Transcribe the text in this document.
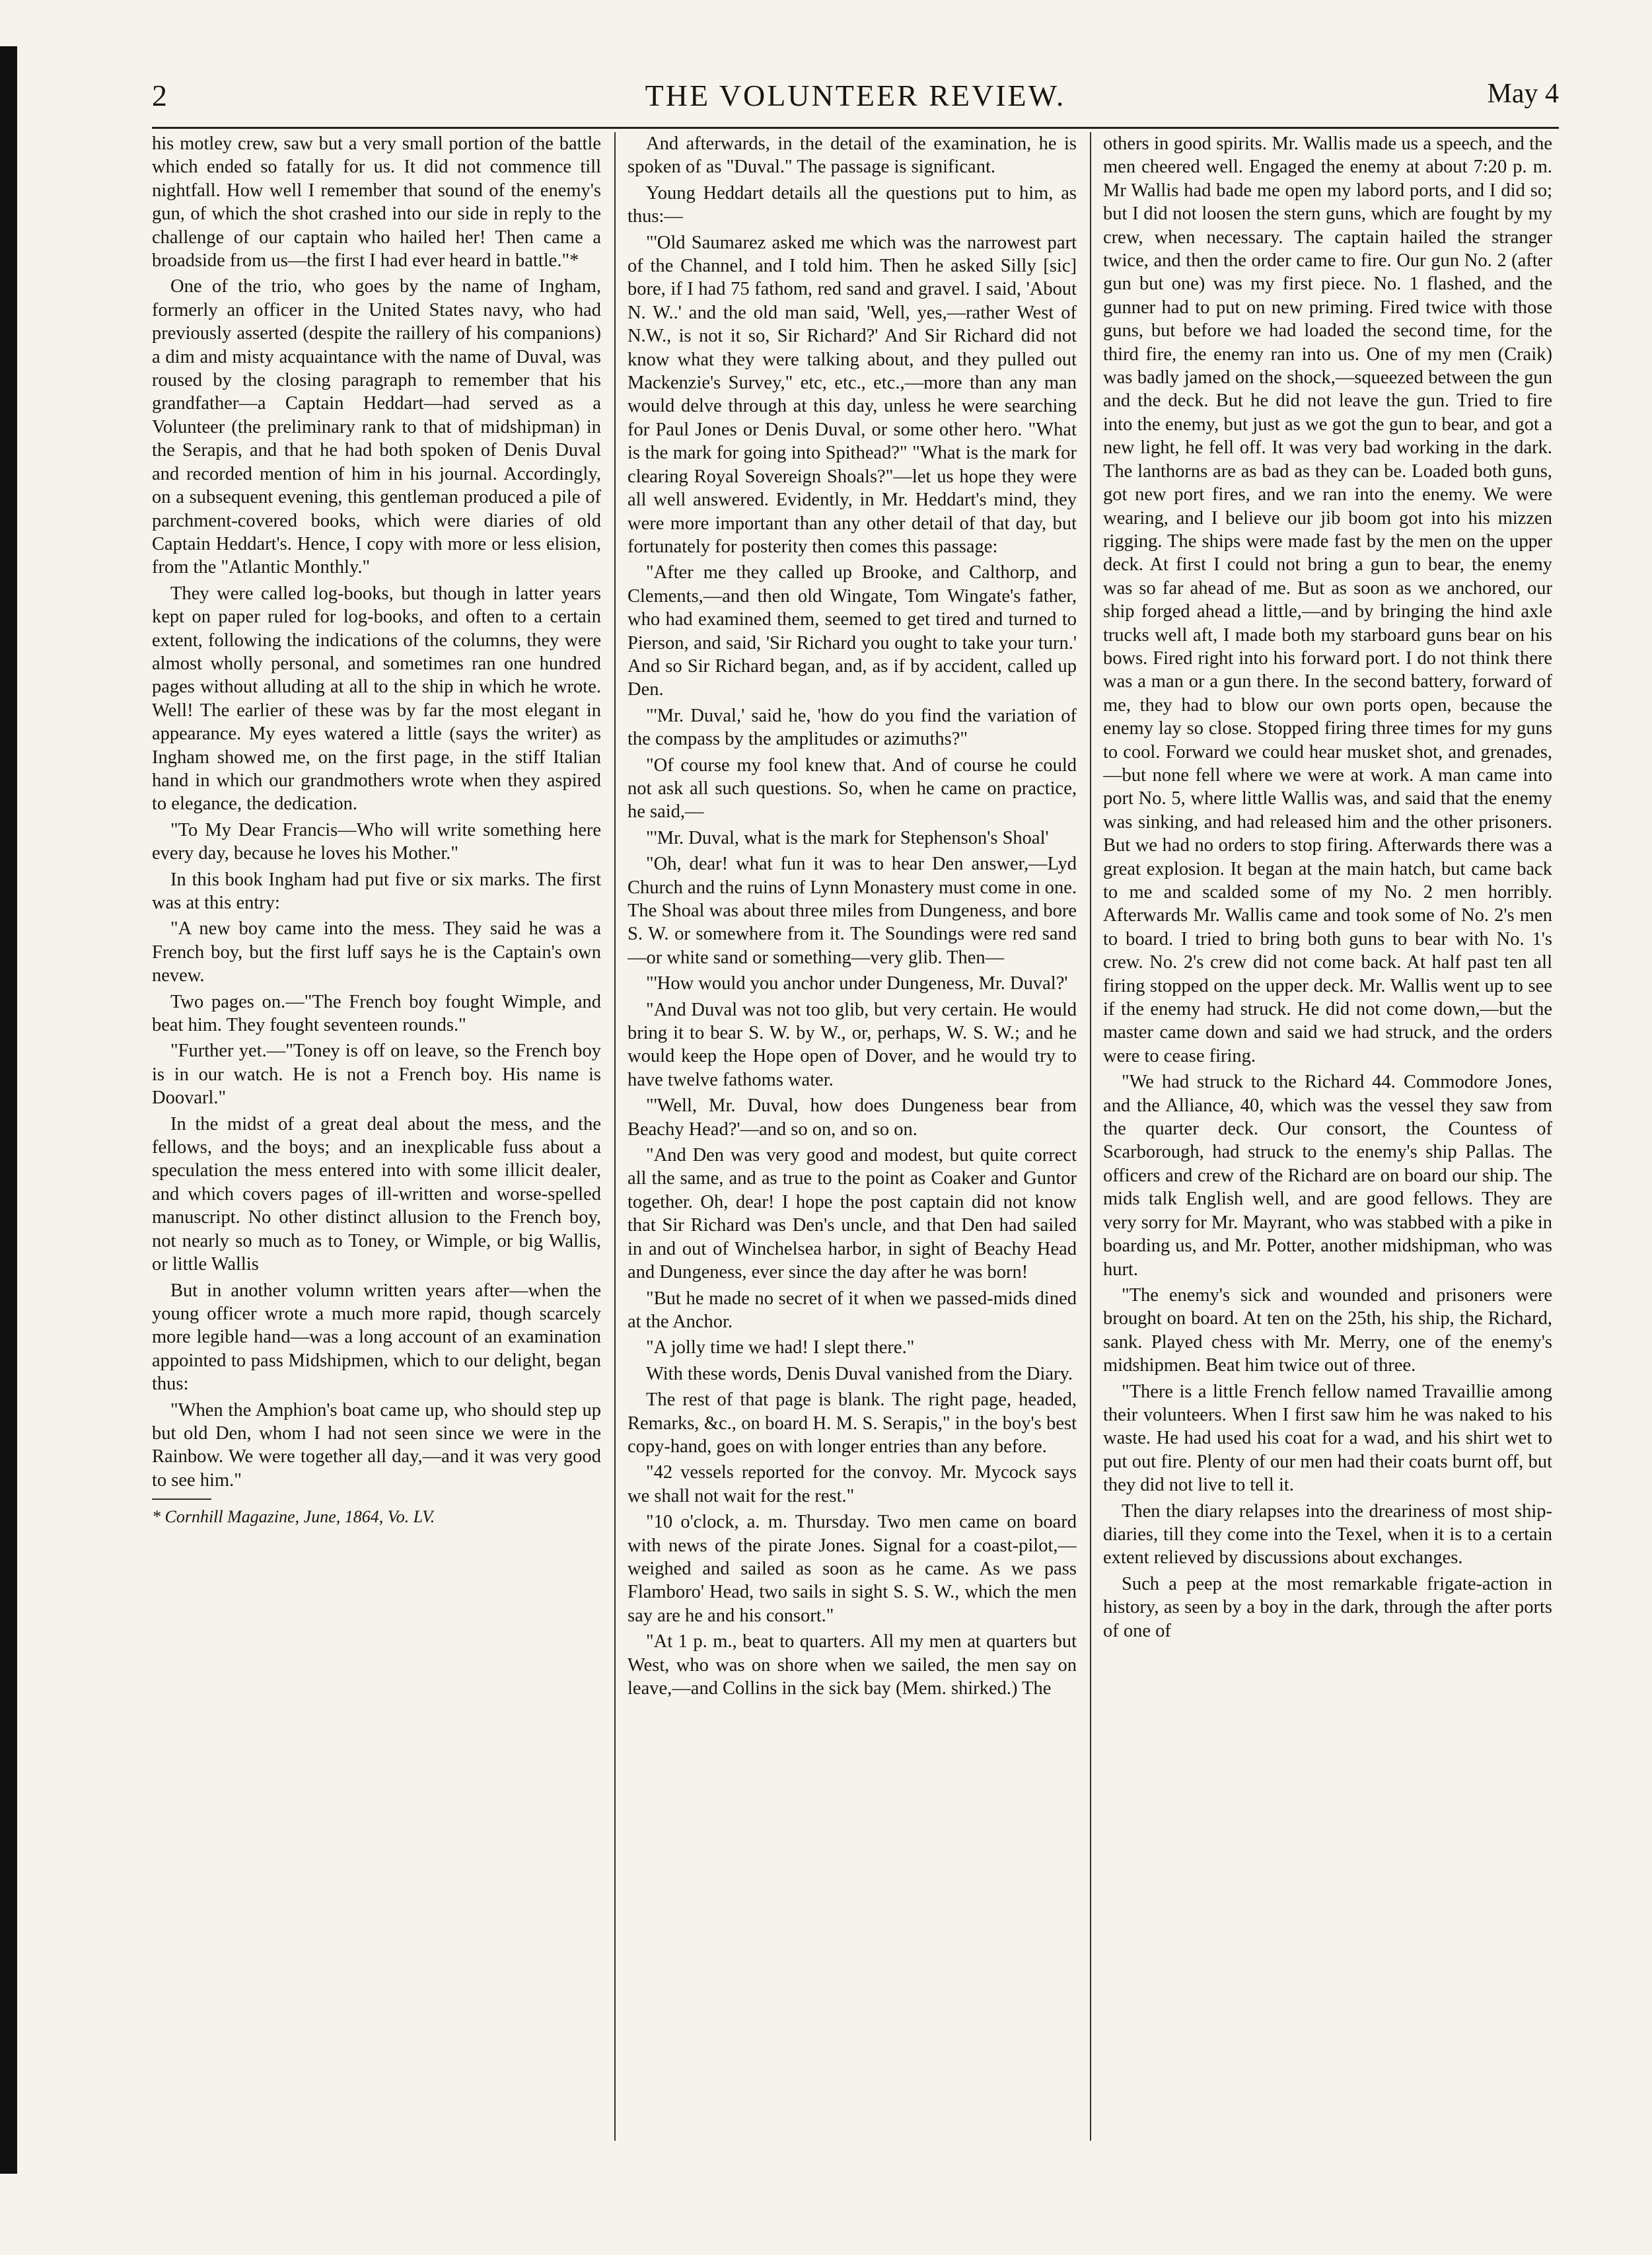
2	THE VOLUNTEER REVIEW.	May 4

his motley crew, saw but a very small portion of the battle which ended so fatally for us. It did not commence till nightfall. How well I remember that sound of the enemy's gun, of which the shot crashed into our side in reply to the challenge of our captain who hailed her! Then came a broadside from us—the first I had ever heard in battle."*

One of the trio, who goes by the name of Ingham, formerly an officer in the United States navy, who had previously asserted (despite the raillery of his companions) a dim and misty acquaintance with the name of Duval, was roused by the closing paragraph to remember that his grandfather—a Captain Heddart—had served as a Volunteer (the preliminary rank to that of midshipman) in the Serapis, and that he had both spoken of Denis Duval and recorded mention of him in his journal. Accordingly, on a subsequent evening, this gentleman produced a pile of parchment-covered books, which were diaries of old Captain Heddart's. Hence, I copy with more or less elision, from the "Atlantic Monthly."

They were called log-books, but though in latter years kept on paper ruled for log-books, and often to a certain extent, following the indications of the columns, they were almost wholly personal, and sometimes ran one hundred pages without alluding at all to the ship in which he wrote. Well! The earlier of these was by far the most elegant in appearance. My eyes watered a little (says the writer) as Ingham showed me, on the first page, in the stiff Italian hand in which our grandmothers wrote when they aspired to elegance, the dedication.

"To My Dear Francis—Who will write something here every day, because he loves his Mother."

In this book Ingham had put five or six marks. The first was at this entry:

"A new boy came into the mess. They said he was a French boy, but the first luff says he is the Captain's own nevew.

Two pages on.—"The French boy fought Wimple, and beat him. They fought seventeen rounds."

"Further yet.—"Toney is off on leave, so the French boy is in our watch. He is not a French boy. His name is Doovarl."

In the midst of a great deal about the mess, and the fellows, and the boys; and an inexplicable fuss about a speculation the mess entered into with some illicit dealer, and which covers pages of ill-written and worse-spelled manuscript. No other distinct allusion to the French boy, not nearly so much as to Toney, or Wimple, or big Wallis, or little Wallis

But in another volumn written years after—when the young officer wrote a much more rapid, though scarcely more legible hand—was a long account of an examination appointed to pass Midshipmen, which to our delight, began thus:

"When the Amphion's boat came up, who should step up but old Den, whom I had not seen since we were in the Rainbow. We were together all day,—and it was very good to see him."

* Cornhill Magazine, June, 1864, Vo. LV.

And afterwards, in the detail of the examination, he is spoken of as "Duval." The passage is significant.

Young Heddart details all the questions put to him, as thus:—

"'Old Saumarez asked me which was the narrowest part of the Channel, and I told him. Then he asked Silly [sic] bore, if I had 75 fathom, red sand and gravel. I said, 'About N. W..' and the old man said, 'Well, yes,—rather West of N.W., is not it so, Sir Richard?' And Sir Richard did not know what they were talking about, and they pulled out Mackenzie's Survey," etc, etc., etc.,—more than any man would delve through at this day, unless he were searching for Paul Jones or Denis Duval, or some other hero. "What is the mark for going into Spithead?" "What is the mark for clearing Royal Sovereign Shoals?"—let us hope they were all well answered. Evidently, in Mr. Heddart's mind, they were more important than any other detail of that day, but fortunately for posterity then comes this passage:

"After me they called up Brooke, and Calthorp, and Clements,—and then old Wingate, Tom Wingate's father, who had examined them, seemed to get tired and turned to Pierson, and said, 'Sir Richard you ought to take your turn.' And so Sir Richard began, and, as if by accident, called up Den.

"'Mr. Duval,' said he, 'how do you find the variation of the compass by the amplitudes or azimuths?"

"Of course my fool knew that. And of course he could not ask all such questions. So, when he came on practice, he said,—

"'Mr. Duval, what is the mark for Stephenson's Shoal'

"Oh, dear! what fun it was to hear Den answer,—Lyd Church and the ruins of Lynn Monastery must come in one. The Shoal was about three miles from Dungeness, and bore S. W. or somewhere from it. The Soundings were red sand—or white sand or something—very glib. Then—

"'How would you anchor under Dungeness, Mr. Duval?'

"And Duval was not too glib, but very certain. He would bring it to bear S. W. by W., or, perhaps, W. S. W.; and he would keep the Hope open of Dover, and he would try to have twelve fathoms water.

"'Well, Mr. Duval, how does Dungeness bear from Beachy Head?'—and so on, and so on.

"And Den was very good and modest, but quite correct all the same, and as true to the point as Coaker and Guntor together. Oh, dear! I hope the post captain did not know that Sir Richard was Den's uncle, and that Den had sailed in and out of Winchelsea harbor, in sight of Beachy Head and Dungeness, ever since the day after he was born!

"But he made no secret of it when we passed-mids dined at the Anchor.

"A jolly time we had! I slept there."

With these words, Denis Duval vanished from the Diary.

The rest of that page is blank. The right page, headed, Remarks, &c., on board H. M. S. Serapis," in the boy's best copy-hand, goes on with longer entries than any before.

"42 vessels reported for the convoy. Mr. Mycock says we shall not wait for the rest."

"10 o'clock, a. m. Thursday. Two men came on board with news of the pirate Jones. Signal for a coast-pilot,—weighed and sailed as soon as he came. As we pass Flamboro' Head, two sails in sight S. S. W., which the men say are he and his consort."

"At 1 p. m., beat to quarters. All my men at quarters but West, who was on shore when we sailed, the men say on leave,—and Collins in the sick bay (Mem. shirked.) The

others in good spirits. Mr. Wallis made us a speech, and the men cheered well. Engaged the enemy at about 7:20 p. m. Mr Wallis had bade me open my labord ports, and I did so; but I did not loosen the stern guns, which are fought by my crew, when necessary. The captain hailed the stranger twice, and then the order came to fire. Our gun No. 2 (after gun but one) was my first piece. No. 1 flashed, and the gunner had to put on new priming. Fired twice with those guns, but before we had loaded the second time, for the third fire, the enemy ran into us. One of my men (Craik) was badly jamed on the shock,—squeezed between the gun and the deck. But he did not leave the gun. Tried to fire into the enemy, but just as we got the gun to bear, and got a new light, he fell off. It was very bad working in the dark. The lanthorns are as bad as they can be. Loaded both guns, got new port fires, and we ran into the enemy. We were wearing, and I believe our jib boom got into his mizzen rigging. The ships were made fast by the men on the upper deck. At first I could not bring a gun to bear, the enemy was so far ahead of me. But as soon as we anchored, our ship forged ahead a little,—and by bringing the hind axle trucks well aft, I made both my starboard guns bear on his bows. Fired right into his forward port. I do not think there was a man or a gun there. In the second battery, forward of me, they had to blow our own ports open, because the enemy lay so close. Stopped firing three times for my guns to cool. Forward we could hear musket shot, and grenades,—but none fell where we were at work. A man came into port No. 5, where little Wallis was, and said that the enemy was sinking, and had released him and the other prisoners. But we had no orders to stop firing. Afterwards there was a great explosion. It began at the main hatch, but came back to me and scalded some of my No. 2 men horribly. Afterwards Mr. Wallis came and took some of No. 2's men to board. I tried to bring both guns to bear with No. 1's crew. No. 2's crew did not come back. At half past ten all firing stopped on the upper deck. Mr. Wallis went up to see if the enemy had struck. He did not come down,—but the master came down and said we had struck, and the orders were to cease firing.

"We had struck to the Richard 44. Commodore Jones, and the Alliance, 40, which was the vessel they saw from the quarter deck. Our consort, the Countess of Scarborough, had struck to the enemy's ship Pallas. The officers and crew of the Richard are on board our ship. The mids talk English well, and are good fellows. They are very sorry for Mr. Mayrant, who was stabbed with a pike in boarding us, and Mr. Potter, another midshipman, who was hurt.

"The enemy's sick and wounded and prisoners were brought on board. At ten on the 25th, his ship, the Richard, sank. Played chess with Mr. Merry, one of the enemy's midshipmen. Beat him twice out of three.

"There is a little French fellow named Travaillie among their volunteers. When I first saw him he was naked to his waste. He had used his coat for a wad, and his shirt wet to put out fire. Plenty of our men had their coats burnt off, but they did not live to tell it.

Then the diary relapses into the dreariness of most ship-diaries, till they come into the Texel, when it is to a certain extent relieved by discussions about exchanges.

Such a peep at the most remarkable frigate-action in history, as seen by a boy in the dark, through the after ports of one of
